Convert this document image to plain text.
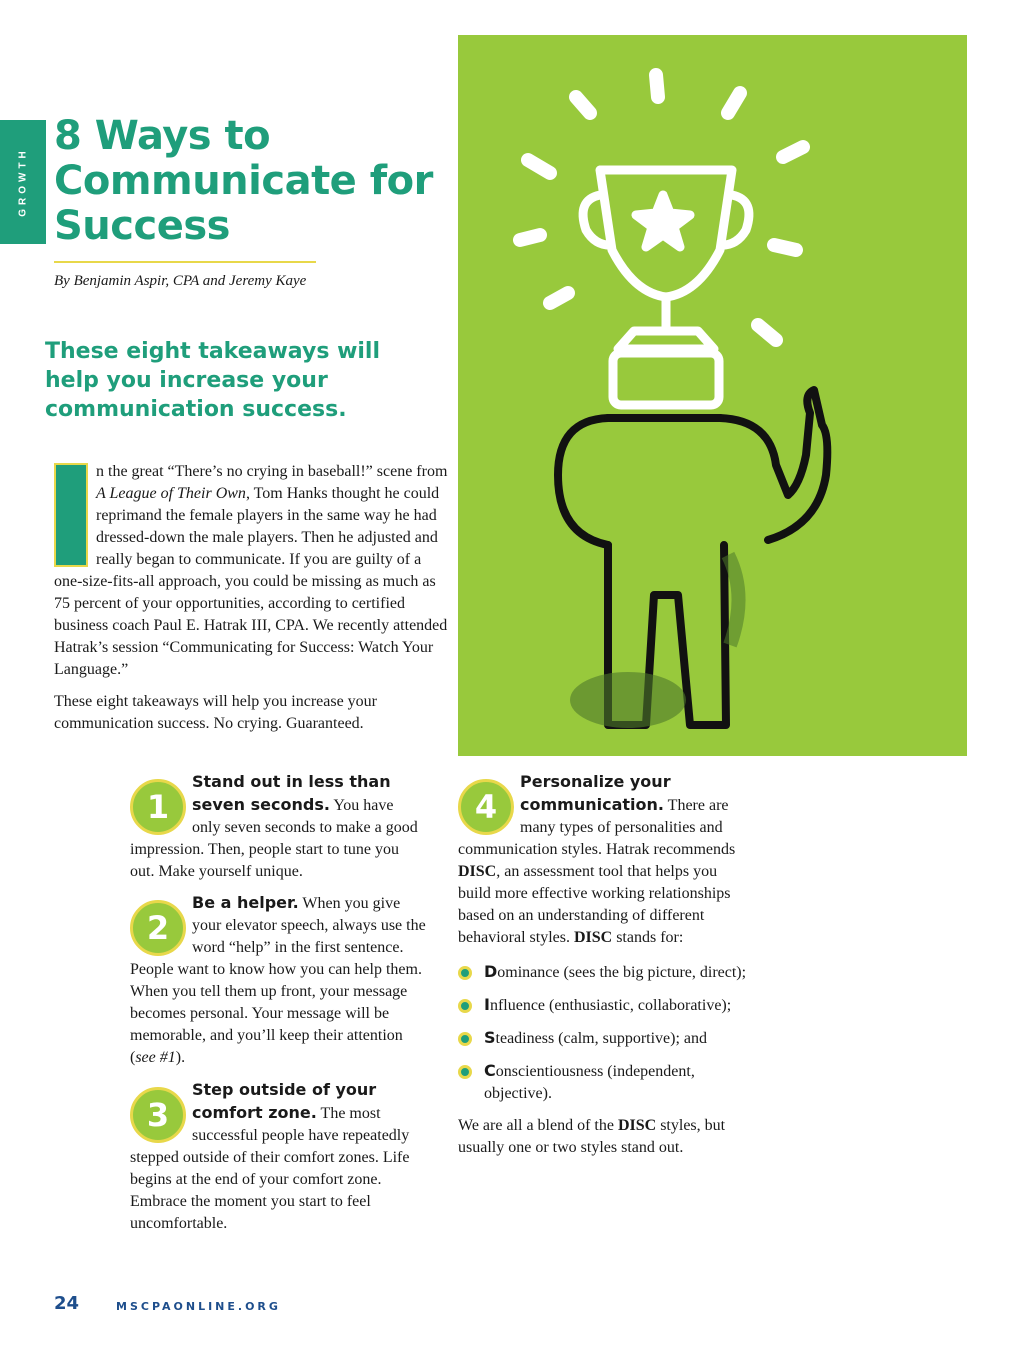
GROWTH
8 Ways to Communicate for Success
By Benjamin Aspir, CPA and Jeremy Kaye
These eight takeaways will help you increase your communication success.
I	n the great “There’s no crying in baseball!” scene from A League of Their Own, Tom Hanks thought he could reprimand the female players in the same way he had dressed-down the male players. Then he adjusted and really began to communicate. If you are guilty of a one-size-fits-all approach, you could be missing as much as 75 percent of your opportunities, according to certified business coach Paul E. Hatrak III, CPA. We recently attended Hatrak’s session “Communicating for Success: Watch Your Language.”

These eight takeaways will help you increase your communication success. No crying. Guaranteed.

1

Stand out in less than seven seconds. You have only seven seconds to make a good impression. Then, people start to tune you out. Make yourself unique.

2

Be a helper. When you give your elevator speech, always use the word “help” in the first sentence. People want to know how you can help them. When you tell them up front, your message becomes personal. Your message will be memorable, and you’ll keep their attention (see #1).

3

Step outside of your comfort zone. The most successful people have repeatedly stepped outside of their comfort zones. Life begins at the end of your comfort zone. Embrace the moment you start to feel uncomfortable.

4

Personalize your communication. There are many types of personalities and communication styles. Hatrak recommends DISC, an assessment tool that helps you build more effective working relationships based on an understanding of different behavioral styles. DISC stands for:

Dominance (sees the big picture, direct);
Influence (enthusiastic, collaborative);
Steadiness (calm, supportive); and
Conscientiousness (independent, objective).

We are all a blend of the DISC styles, but usually one or two styles stand out.

24	MSCPAONLINE.ORG
